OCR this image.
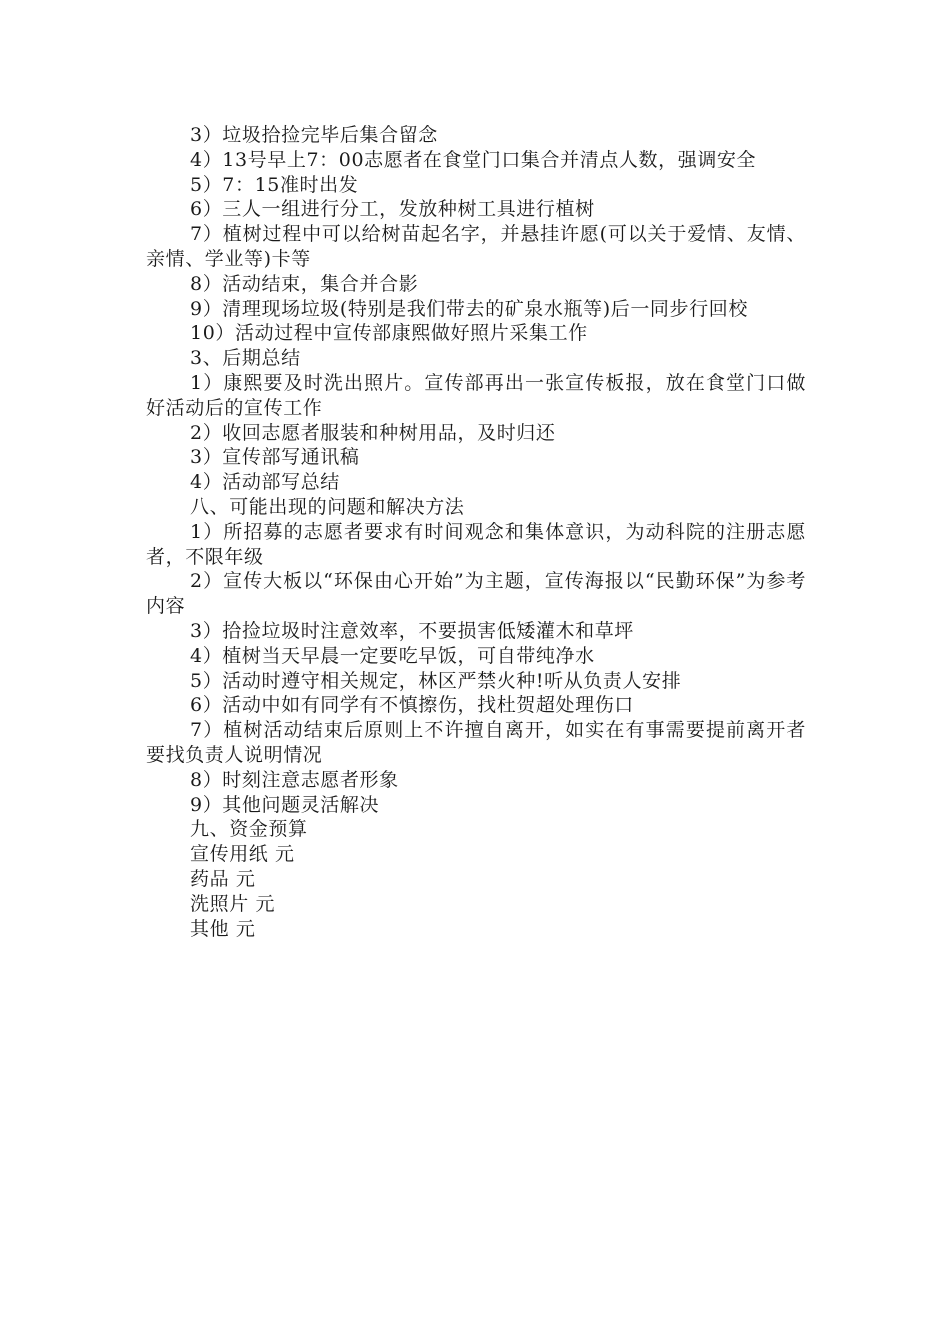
3）垃圾拾捡完毕后集合留念

4）13号早上7：00志愿者在食堂门口集合并清点人数，强调安全

5）7：15准时出发

6）三人一组进行分工，发放种树工具进行植树

7）植树过程中可以给树苗起名字，并悬挂许愿(可以关于爱情、友情、亲情、学业等)卡等

8）活动结束，集合并合影

9）清理现场垃圾(特别是我们带去的矿泉水瓶等)后一同步行回校

10）活动过程中宣传部康熙做好照片采集工作

3、后期总结

1）康熙要及时洗出照片。宣传部再出一张宣传板报，放在食堂门口做好活动后的宣传工作

2）收回志愿者服装和种树用品，及时归还

3）宣传部写通讯稿

4）活动部写总结

八、可能出现的问题和解决方法

1）所招募的志愿者要求有时间观念和集体意识，为动科院的注册志愿者，不限年级

2）宣传大板以“环保由心开始”为主题，宣传海报以“民勤环保”为参考内容

3）拾捡垃圾时注意效率，不要损害低矮灌木和草坪

4）植树当天早晨一定要吃早饭，可自带纯净水

5）活动时遵守相关规定，林区严禁火种!听从负责人安排

6）活动中如有同学有不慎擦伤，找杜贺超处理伤口

7）植树活动结束后原则上不许擅自离开，如实在有事需要提前离开者要找负责人说明情况

8）时刻注意志愿者形象

9）其他问题灵活解决

九、资金预算

宣传用纸 元

药品 元

洗照片 元

其他 元
